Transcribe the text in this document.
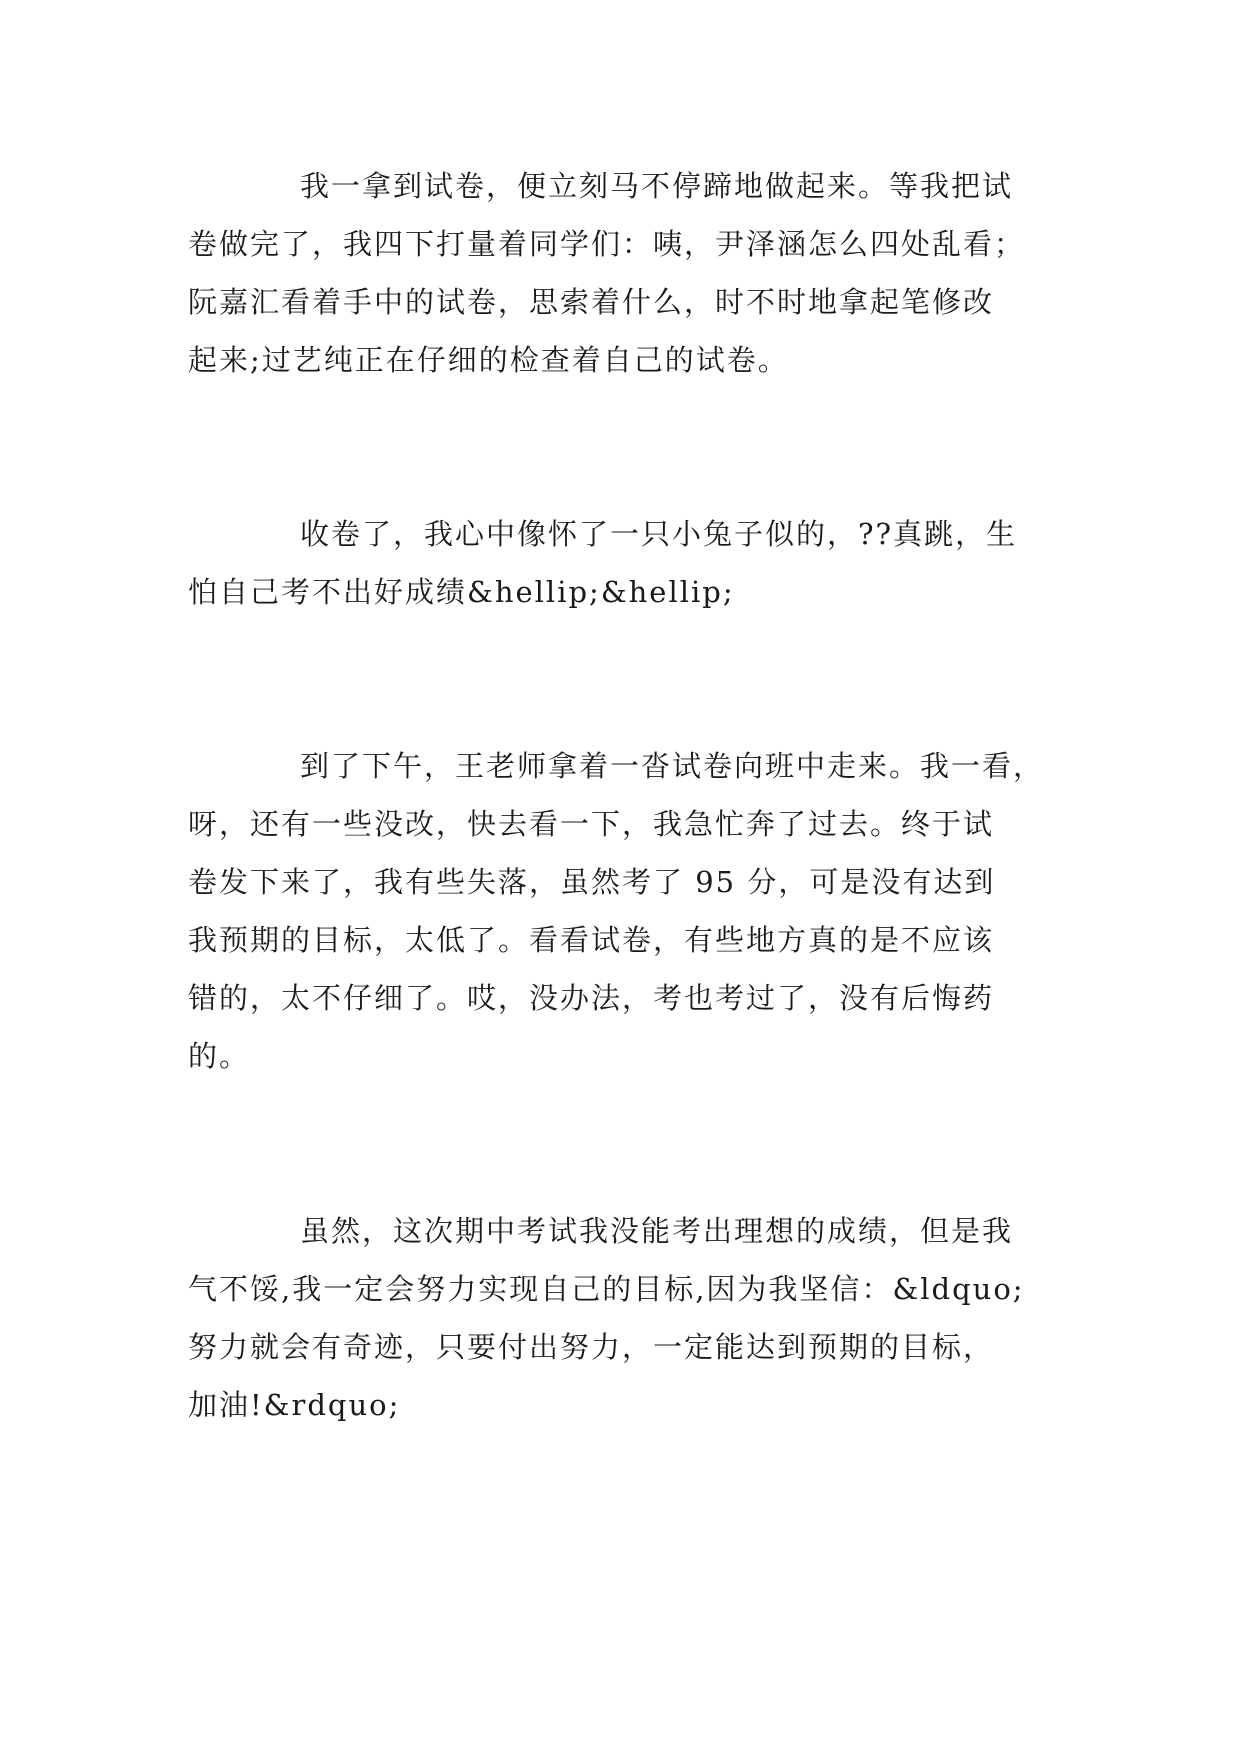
我一拿到试卷，便立刻马不停蹄地做起来。等我把试

卷做完了，我四下打量着同学们：咦，尹泽涵怎么四处乱看；

阮嘉汇看着手中的试卷，思索着什么，时不时地拿起笔修改

起来;过艺纯正在仔细的检查着自己的试卷。

收卷了，我心中像怀了一只小兔子似的，??真跳，生

怕自己考不出好成绩&hellip;&hellip;

到了下午，王老师拿着一沓试卷向班中走来。我一看，

呀，还有一些没改，快去看一下，我急忙奔了过去。终于试

卷发下来了，我有些失落，虽然考了 95 分，可是没有达到

我预期的目标，太低了。看看试卷，有些地方真的是不应该

错的，太不仔细了。哎，没办法，考也考过了，没有后悔药

的。

虽然，这次期中考试我没能考出理想的成绩，但是我

气不馁,我一定会努力实现自己的目标,因为我坚信：&ldquo;

努力就会有奇迹，只要付出努力，一定能达到预期的目标，

加油!&rdquo;
